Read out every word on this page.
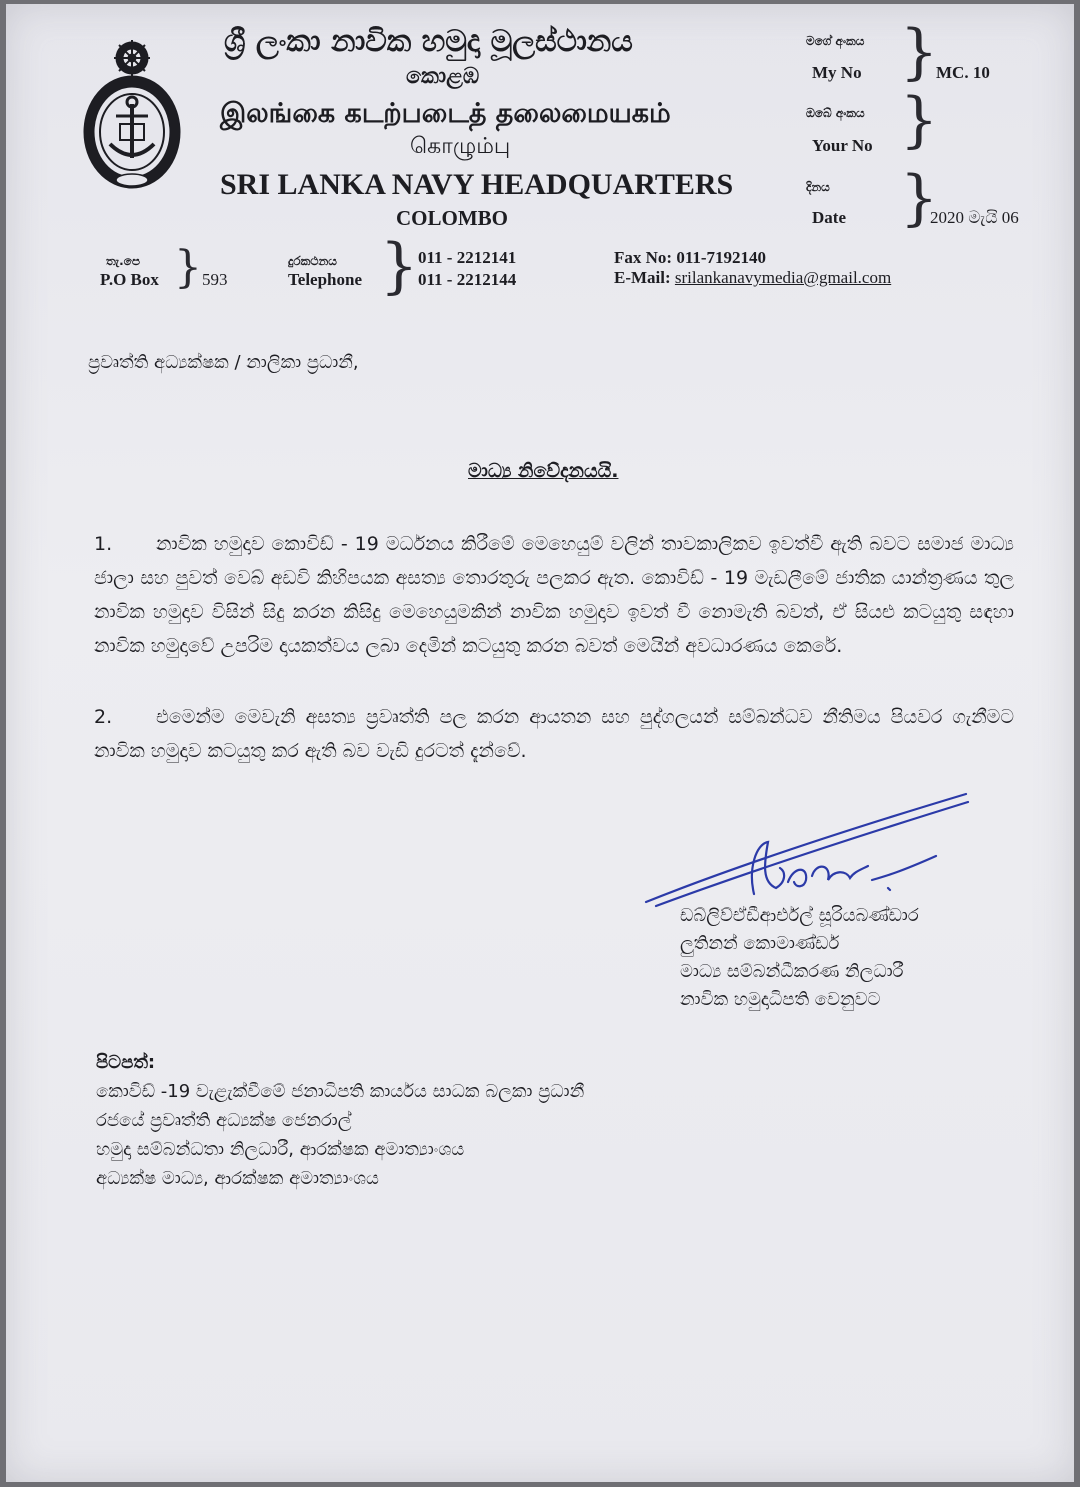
ශ්‍රී ලංකා නාවික හමුදා මූලස්ථානය
කොළඹ
இலங்கை கடற்படைத் தலைமையகம்
கொழும்பு
SRI LANKA NAVY HEADQUARTERS
COLOMBO
මගේ අංකය
My No }
MC. 10
ඔබේ අංකය
Your No }
දිනය
Date }
2020 මැයි 06
තැ.පෙ
P.O Box } 593
දුරකථනය
Telephone } 011 - 2212141
011 - 2212144
Fax No: 011-7192140
E-Mail: srilankanavymedia@gmail.com
ප්‍රවෘත්ති අධ්‍යක්ෂක / නාලිකා ප්‍රධානී,
මාධ්‍ය නිවේදනයයි.
1. නාවික හමුදාව කොවිඩ් - 19 මර්ධනය කිරීමේ මෙහෙයුම් වලින් තාවකාලිකව ඉවත්වී ඇති බවට සමාජ මාධ්‍ය ජාලා සහ පුවත් වෙබ් අඩවි කිහිපයක අසත්‍ය තොරතුරු පලකර ඇත. කොවිඩ් - 19 මැඩලීමේ ජාතික යාන්ත්‍රණය තුල නාවික හමුදාව විසින් සිදු කරන කිසිදු මෙහෙයුමකින් නාවික හමුදාව ඉවත් වී නොමැති බවත්, ඒ සියළු කටයුතු සඳහා නාවික හමුදාවේ උපරිම දායකත්වය ලබා දෙමින් කටයුතු කරන බවත් මෙයින් අවධාරණය කෙරේ.
2. එමෙන්ම මෙවැනි අසත්‍ය ප්‍රවෘත්ති පල කරන ආයතන සහ පුද්ගලයන් සම්බන්ධව නීතිමය පියවර ගැනීමට නාවික හමුදාව කටයුතු කර ඇති බව වැඩි දුරටත් දැන්වේ.
ඩබ්ලිව්ඒඩීආර්එල් සූරියබණ්ඩාර
ලුතිනන් කොමාණ්ඩර්
මාධ්‍ය සම්බන්ධීකරණ නිලධාරී
නාවික හමුදාධිපති වෙනුවට
පිටපත්:
කොවිඩ් -19 වැළැක්වීමේ ජනාධිපති කාර්යය සාධක බලකා ප්‍රධානී
රජයේ ප්‍රවෘත්ති අධ්‍යක්ෂ ජෙනරාල්
හමුදා සම්බන්ධතා නිලධාරී, ආරක්ෂක අමාත්‍යාංශය
අධ්‍යක්ෂ මාධ්‍ය, ආරක්ෂක අමාත්‍යාංශය
